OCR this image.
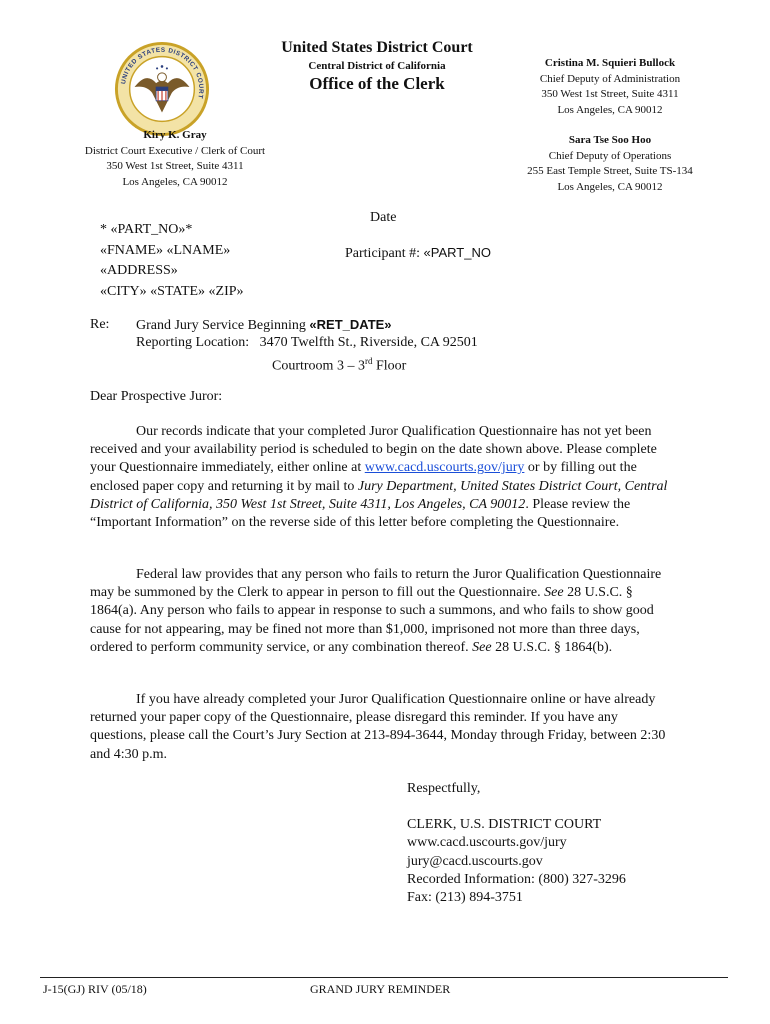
UNITED STATES DISTRICT COURT
United States District Court
Central District of California
Office of the Clerk
Cristina M. Squieri Bullock
Chief Deputy of Administration
350 West 1st Street, Suite 4311
Los Angeles, CA 90012
Sara Tse Soo Hoo
Chief Deputy of Operations
255 East Temple Street, Suite TS-134
Los Angeles, CA 90012
Kiry K. Gray
District Court Executive / Clerk of Court
350 West 1st Street, Suite 4311
Los Angeles, CA 90012
Date
Participant #: «PART_NO
* «PART_NO»*
«FNAME» «LNAME»
«ADDRESS»
«CITY» «STATE» «ZIP»
Re: Grand Jury Service Beginning «RET_DATE»
Reporting Location: 3470 Twelfth St., Riverside, CA 92501
Courtroom 3 – 3rd Floor
Dear Prospective Juror:

Our records indicate that your completed Juror Qualification Questionnaire has not yet been received and your availability period is scheduled to begin on the date shown above. Please complete your Questionnaire immediately, either online at www.cacd.uscourts.gov/jury or by filling out the enclosed paper copy and returning it by mail to Jury Department, United States District Court, Central District of California, 350 West 1st Street, Suite 4311, Los Angeles, CA 90012. Please review the “Important Information” on the reverse side of this letter before completing the Questionnaire.

Federal law provides that any person who fails to return the Juror Qualification Questionnaire may be summoned by the Clerk to appear in person to fill out the Questionnaire. See 28 U.S.C. § 1864(a). Any person who fails to appear in response to such a summons, and who fails to show good cause for not appearing, may be fined not more than $1,000, imprisoned not more than three days, ordered to perform community service, or any combination thereof. See 28 U.S.C. § 1864(b).

If you have already completed your Juror Qualification Questionnaire online or have already returned your paper copy of the Questionnaire, please disregard this reminder. If you have any questions, please call the Court’s Jury Section at 213-894-3644, Monday through Friday, between 2:30 and 4:30 p.m.

Respectfully,
CLERK, U.S. DISTRICT COURT
www.cacd.uscourts.gov/jury
jury@cacd.uscourts.gov
Recorded Information: (800) 327-3296
Fax: (213) 894-3751
J-15(GJ) RIV (05/18)	GRAND JURY REMINDER
